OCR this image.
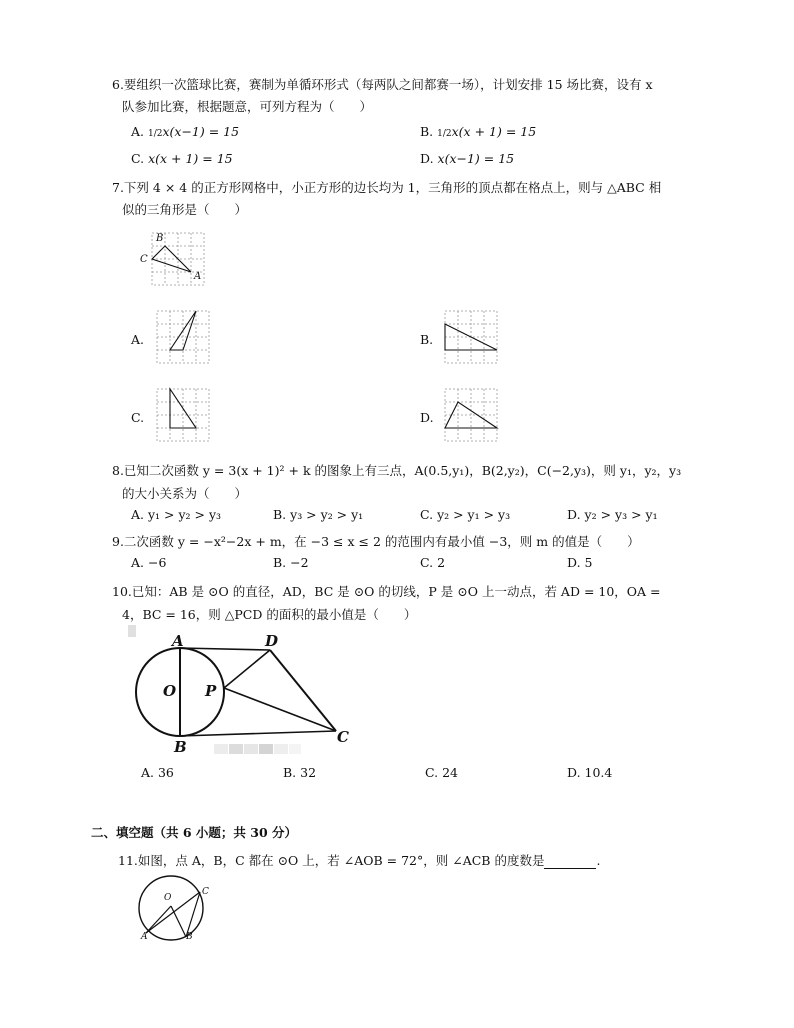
6.要组织一次篮球比赛，赛制为单循环形式（每两队之间都赛一场），计划安排 15 场比赛，设有 x
队参加比赛，根据题意，可列方程为（　　）
A. 1/2x(x−1) = 15	B. 1/2x(x + 1) = 15
C. x(x + 1) = 15	D. x(x−1) = 15
7.下列 4 × 4 的正方形网格中，小正方形的边长均为 1，三角形的顶点都在格点上，则与 △ABC 相
似的三角形是（　　）
B
C
A
A.	B.
C.	D.
8.已知二次函数 y = 3(x + 1)² + k 的图象上有三点，A(0.5,y₁)，B(2,y₂)，C(−2,y₃)，则 y₁，y₂，y₃
的大小关系为（　　）
A. y₁ > y₂ > y₃	B. y₃ > y₂ > y₁	C. y₂ > y₁ > y₃	D. y₂ > y₃ > y₁
9.二次函数 y = −x²−2x + m，在 −3 ≤ x ≤ 2 的范围内有最小值 −3，则 m 的值是（　　）
A. −6	B. −2	C. 2	D. 5
10.已知：AB 是 ⊙O 的直径，AD，BC 是 ⊙O 的切线，P 是 ⊙O 上一动点，若 AD = 10，OA =
4，BC = 16，则 △PCD 的面积的最小值是（　　）
A	D
O P
B
C
A. 36	B. 32	C. 24	D. 10.4
二、填空题（共 6 小题；共 30 分）
11.如图，点 A，B，C 都在 ⊙O 上，若 ∠AOB = 72°，则 ∠ACB 的度数是	.
O
C
A	B
